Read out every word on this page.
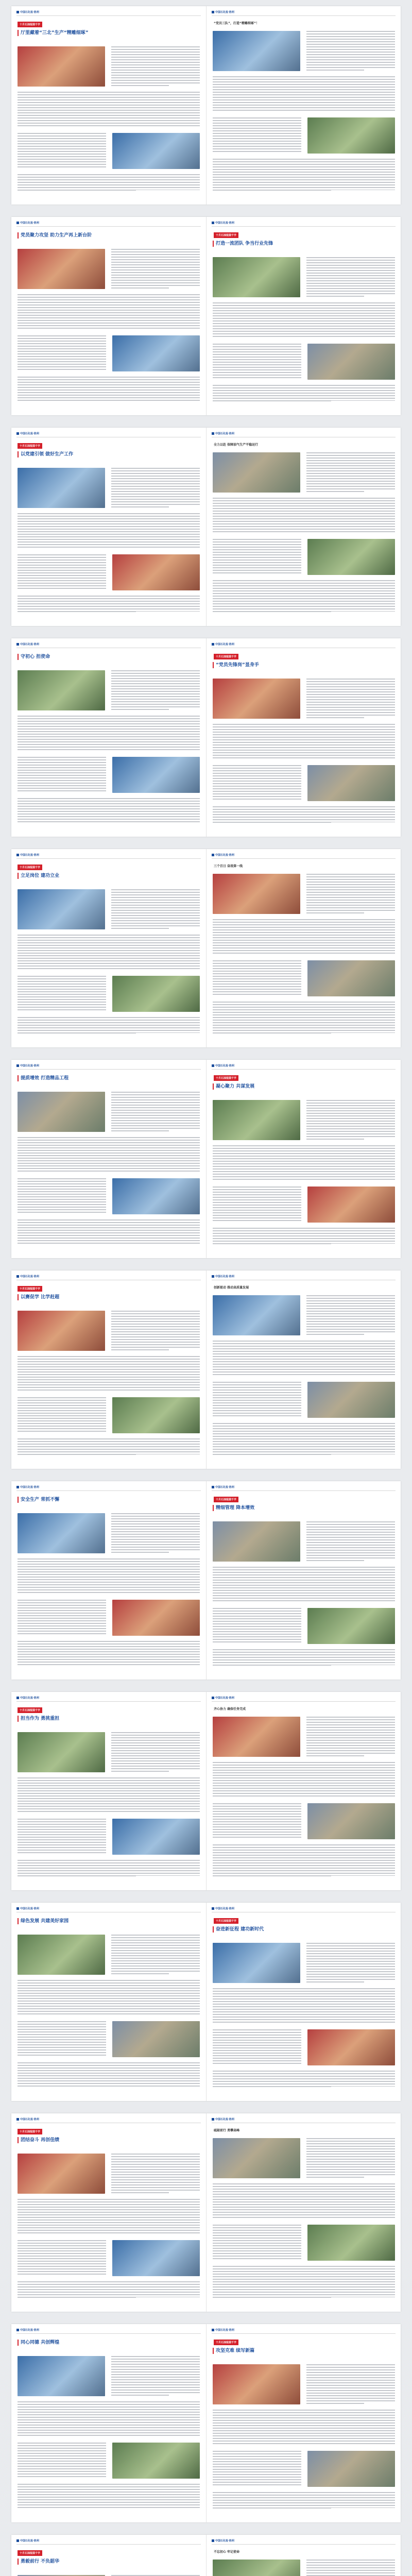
中国石化报·胜利
十月石油报圆千字
厅里藏着“三北”生产“精雕细琢”
中国石化报·胜利
“党员三队”，打造“精雕细琢”！
中国石化报·胜利
党员聚力攻坚 助力生产再上新台阶
中国石化报·胜利
十月石油报圆千字
打造一流团队 争当行业先锋
中国石化报·胜利
十月石油报圆千字
以党建引领 做好生产工作
中国石化报·胜利
全力以赴 保障油气生产平稳运行
中国石化报·胜利
守初心 担使命
中国石化报·胜利
十月石油报圆千字
“党员先锋岗”显身手
中国石化报·胜利
十月石油报圆千字
立足岗位 建功立业
中国石化报·胜利
三个百日 奋战第一线
中国石化报·胜利
提质增效 打造精品工程
中国石化报·胜利
十月石油报圆千字
凝心聚力 共谋发展
中国石化报·胜利
十月石油报圆千字
以赛促学 比学赶超
中国石化报·胜利
创新驱动 推动高质量发展
中国石化报·胜利
安全生产 常抓不懈
中国石化报·胜利
十月石油报圆千字
精细管理 降本增效
中国石化报·胜利
十月石油报圆千字
担当作为 勇挑重担
中国石化报·胜利
齐心协力 确保任务完成
中国石化报·胜利
绿色发展 共建美好家园
中国石化报·胜利
十月石油报圆千字
奋进新征程 建功新时代
中国石化报·胜利
十月石油报圆千字
团结奋斗 再创佳绩
中国石化报·胜利
砥砺前行 勇攀高峰
中国石化报·胜利
同心同德 共创辉煌
中国石化报·胜利
十月石油报圆千字
攻坚克难 续写新篇
中国石化报·胜利
十月石油报圆千字
勇毅前行 不负韶华
中国石化报·胜利
不忘初心 牢记使命
